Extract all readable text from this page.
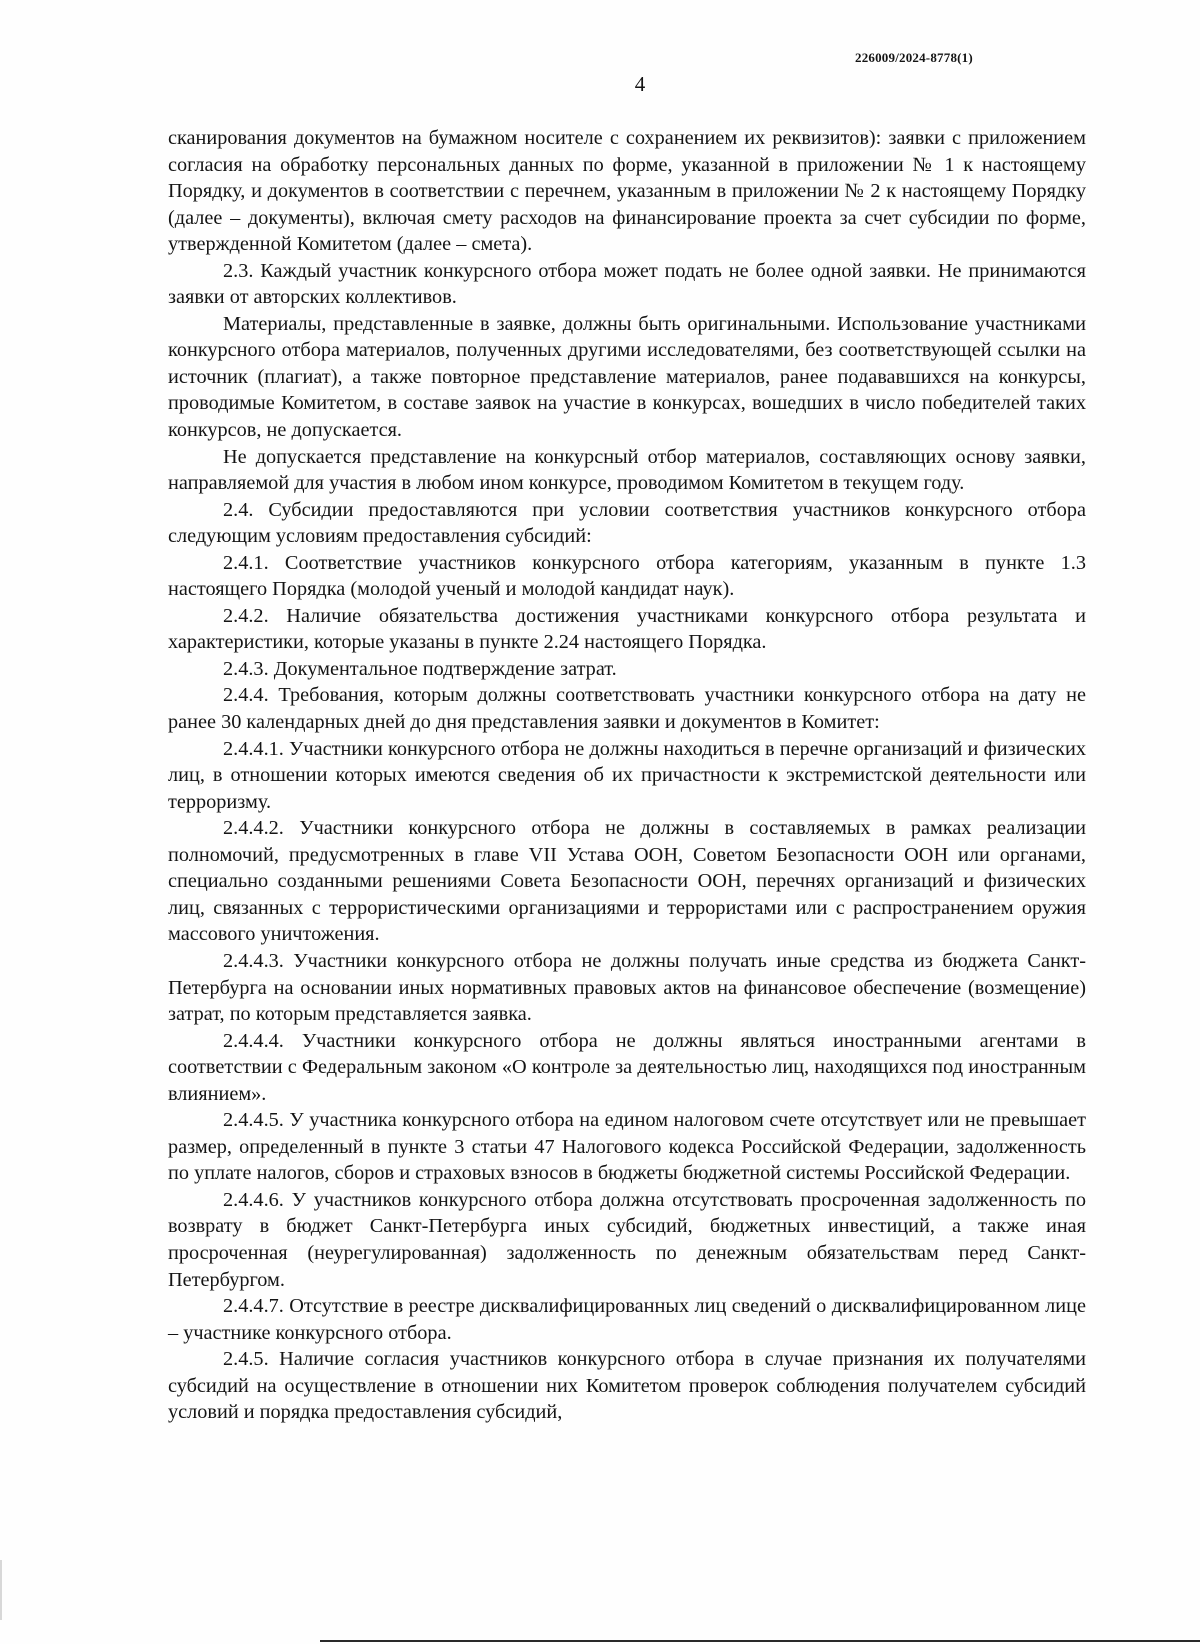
226009/2024-8778(1)
4

сканирования документов на бумажном носителе с сохранением их реквизитов): заявки с приложением согласия на обработку персональных данных по форме, указанной в приложении № 1 к настоящему Порядку, и документов в соответствии с перечнем, указанным в приложении № 2 к настоящему Порядку (далее – документы), включая смету расходов на финансирование проекта за счет субсидии по форме, утвержденной Комитетом (далее – смета).

2.3. Каждый участник конкурсного отбора может подать не более одной заявки. Не принимаются заявки от авторских коллективов.

Материалы, представленные в заявке, должны быть оригинальными. Использование участниками конкурсного отбора материалов, полученных другими исследователями, без соответствующей ссылки на источник (плагиат), а также повторное представление материалов, ранее подававшихся на конкурсы, проводимые Комитетом, в составе заявок на участие в конкурсах, вошедших в число победителей таких конкурсов, не допускается.

Не допускается представление на конкурсный отбор материалов, составляющих основу заявки, направляемой для участия в любом ином конкурсе, проводимом Комитетом в текущем году.

2.4. Субсидии предоставляются при условии соответствия участников конкурсного отбора следующим условиям предоставления субсидий:

2.4.1. Соответствие участников конкурсного отбора категориям, указанным в пункте 1.3 настоящего Порядка (молодой ученый и молодой кандидат наук).

2.4.2. Наличие обязательства достижения участниками конкурсного отбора результата и характеристики, которые указаны в пункте 2.24 настоящего Порядка.

2.4.3. Документальное подтверждение затрат.

2.4.4. Требования, которым должны соответствовать участники конкурсного отбора на дату не ранее 30 календарных дней до дня представления заявки и документов в Комитет:

2.4.4.1. Участники конкурсного отбора не должны находиться в перечне организаций и физических лиц, в отношении которых имеются сведения об их причастности к экстремистской деятельности или терроризму.

2.4.4.2. Участники конкурсного отбора не должны в составляемых в рамках реализации полномочий, предусмотренных в главе VII Устава ООН, Советом Безопасности ООН или органами, специально созданными решениями Совета Безопасности ООН, перечнях организаций и физических лиц, связанных с террористическими организациями и террористами или с распространением оружия массового уничтожения.

2.4.4.3. Участники конкурсного отбора не должны получать иные средства из бюджета Санкт-Петербурга на основании иных нормативных правовых актов на финансовое обеспечение (возмещение) затрат, по которым представляется заявка.

2.4.4.4. Участники конкурсного отбора не должны являться иностранными агентами в соответствии с Федеральным законом «О контроле за деятельностью лиц, находящихся под иностранным влиянием».

2.4.4.5. У участника конкурсного отбора на едином налоговом счете отсутствует или не превышает размер, определенный в пункте 3 статьи 47 Налогового кодекса Российской Федерации, задолженность по уплате налогов, сборов и страховых взносов в бюджеты бюджетной системы Российской Федерации.

2.4.4.6. У участников конкурсного отбора должна отсутствовать просроченная задолженность по возврату в бюджет Санкт-Петербурга иных субсидий, бюджетных инвестиций, а также иная просроченная (неурегулированная) задолженность по денежным обязательствам перед Санкт-Петербургом.

2.4.4.7. Отсутствие в реестре дисквалифицированных лиц сведений о дисквалифицированном лице – участнике конкурсного отбора.

2.4.5. Наличие согласия участников конкурсного отбора в случае признания их получателями субсидий на осуществление в отношении них Комитетом проверок соблюдения получателем субсидий условий и порядка предоставления субсидий,
